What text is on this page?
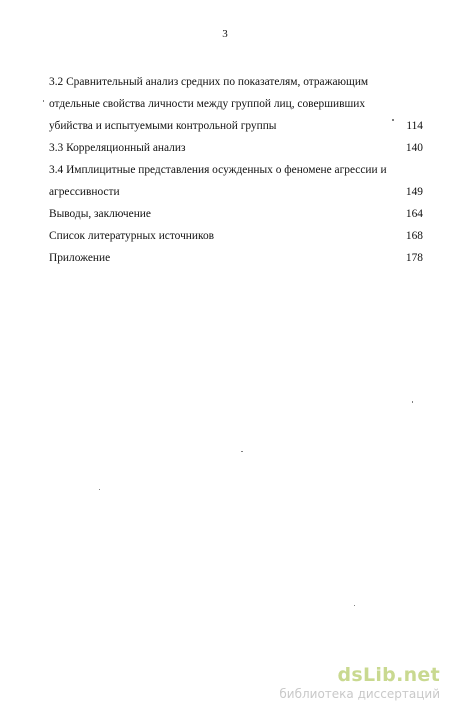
3
3.2 Сравнительный анализ средних по показателям, отражающим
отдельные свойства личности между группой лиц, совершивших
убийства и испытуемыми контрольной группы	114
3.3 Корреляционный анализ	140
3.4 Имплицитные представления осужденных о феномене агрессии и
агрессивности	149
Выводы, заключение	164
Список литературных источников	168
Приложение	178
dsLib.net
библиотека диссертаций
